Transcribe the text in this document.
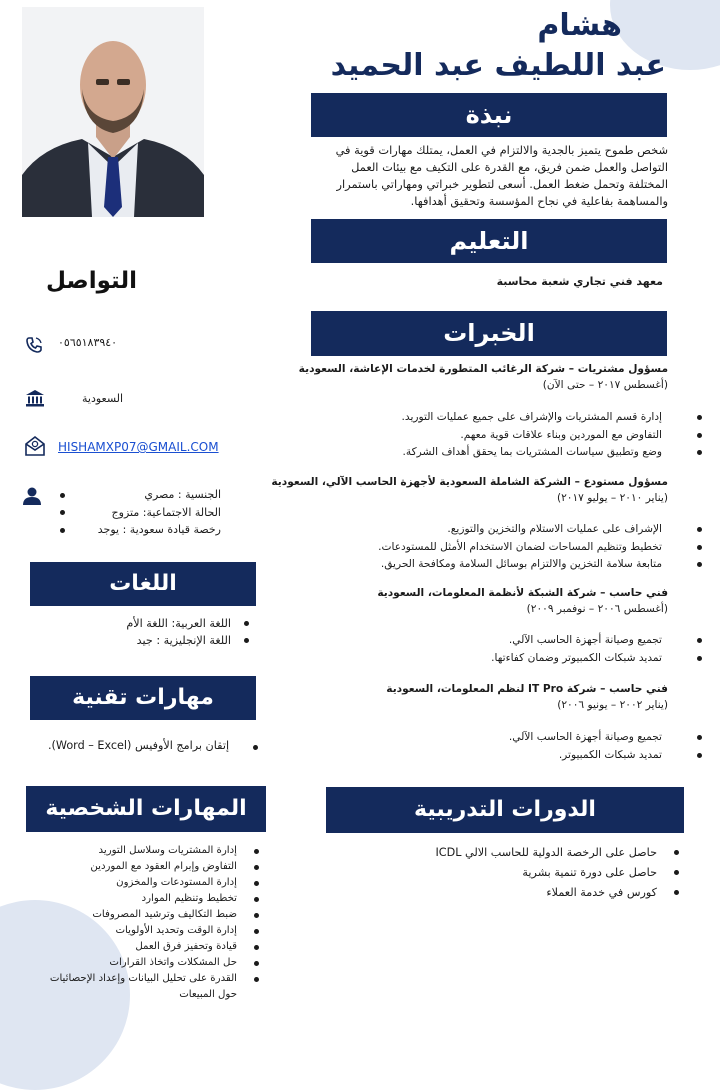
هشام
عبد اللطيف عبد الحميد
نبذة
شخص طموح يتميز بالجدية والالتزام في العمل، يمتلك مهارات قوية في
التواصل والعمل ضمن فريق، مع القدرة على التكيف مع بيئات العمل
المختلفة وتحمل ضغط العمل. أسعى لتطوير خبراتي ومهاراتي باستمرار
والمساهمة بفاعلية في نجاح المؤسسة وتحقيق أهدافها.
التعليم
معهد فني تجاري شعبة محاسبة
الخبرات
مسؤول مشتريات – شركة الرغائب المتطورة لخدمات الإعاشة، السعودية
(أغسطس ٢٠١٧ – حتى الآن)
إدارة قسم المشتريات والإشراف على جميع عمليات التوريد.
التفاوض مع الموردين وبناء علاقات قوية معهم.
وضع وتطبيق سياسات المشتريات بما يحقق أهداف الشركة.
مسؤول مستودع – الشركة الشاملة السعودية لأجهزة الحاسب الآلي، السعودية
(يناير ٢٠١٠ – يوليو ٢٠١٧)
الإشراف على عمليات الاستلام والتخزين والتوزيع.
تخطيط وتنظيم المساحات لضمان الاستخدام الأمثل للمستودعات.
متابعة سلامة التخزين والالتزام بوسائل السلامة ومكافحة الحريق.
فني حاسب – شركة الشبكة لأنظمة المعلومات، السعودية
(أغسطس ٢٠٠٦ – نوفمبر ٢٠٠٩)
تجميع وصيانة أجهزة الحاسب الآلي.
تمديد شبكات الكمبيوتر وضمان كفاءتها.
فني حاسب – شركة IT Pro لنظم المعلومات، السعودية
(يناير ٢٠٠٢ – يونيو ٢٠٠٦)
تجميع وصيانة أجهزة الحاسب الآلي.
تمديد شبكات الكمبيوتر.
التواصل
٠٥٦٥١٨٣٩٤٠
السعودية
HISHAMXP07@GMAIL.COM
الجنسية : مصري
الحالة الاجتماعية: متزوج
رخصة قيادة سعودية : يوجد
اللغات
اللغة العربية: اللغة الأم
اللغة الإنجليزية : جيد
مهارات تقنية
إتقان برامج الأوفيس (Word – Excel).
المهارات الشخصية
إدارة المشتريات وسلاسل التوريد
التفاوض وإبرام العقود مع الموردين
إدارة المستودعات والمخزون
تخطيط وتنظيم الموارد
ضبط التكاليف وترشيد المصروفات
إدارة الوقت وتحديد الأولويات
قيادة وتحفيز فرق العمل
حل المشكلات واتخاذ القرارات
القدرة على تحليل البيانات وإعداد الإحصائيات
حول المبيعات
الدورات التدريبية
حاصل على الرخصة الدولية للحاسب الالي ICDL
حاصل على دورة تنمية بشرية
كورس في خدمة العملاء
